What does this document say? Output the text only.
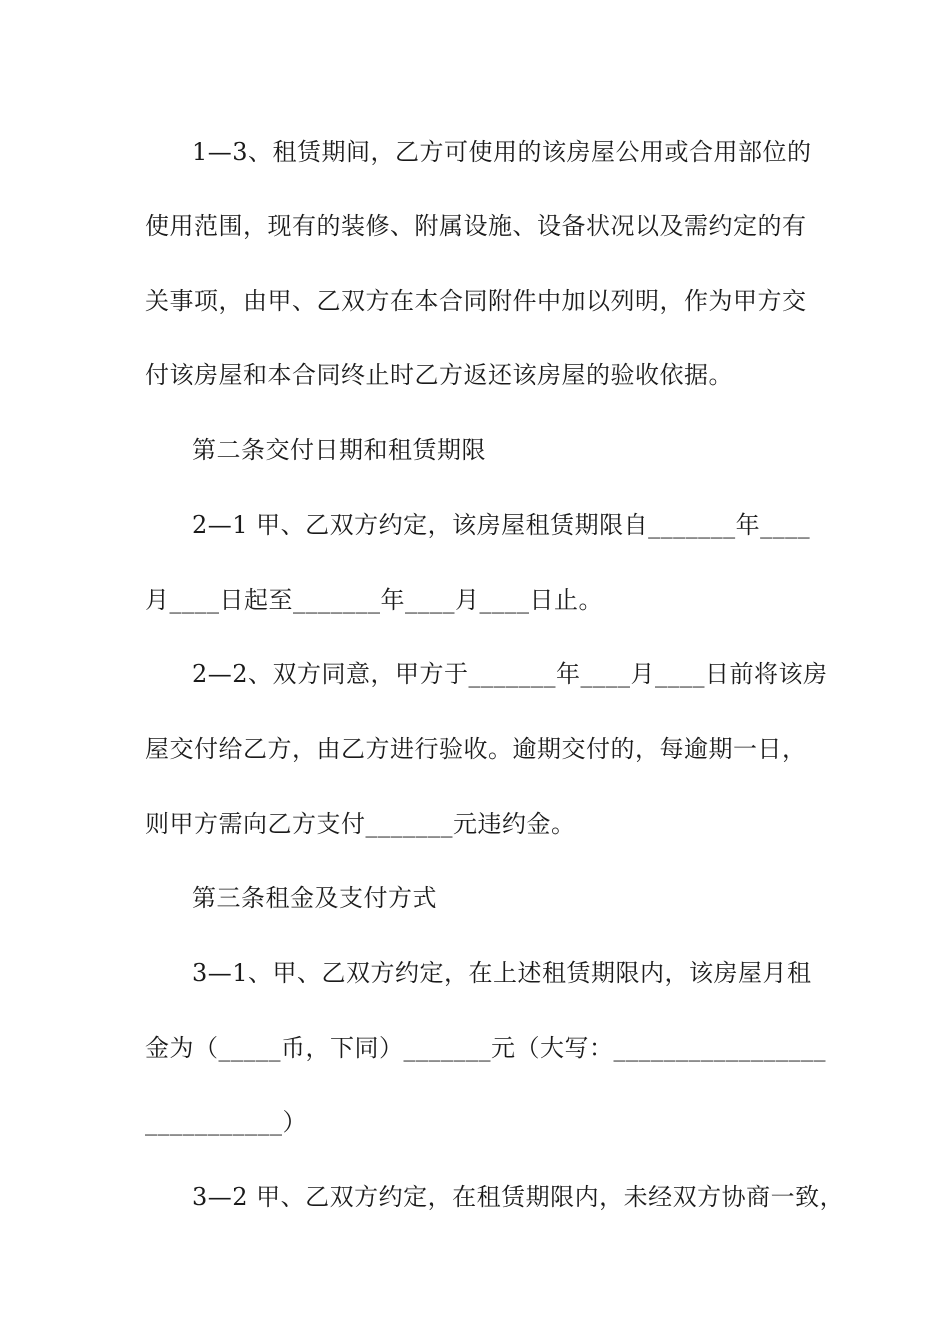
1—3、租赁期间，乙方可使用的该房屋公用或合用部位的
使用范围，现有的装修、附属设施、设备状况以及需约定的有
关事项，由甲、乙双方在本合同附件中加以列明，作为甲方交
付该房屋和本合同终止时乙方返还该房屋的验收依据。
第二条交付日期和租赁期限
2—1 甲、乙双方约定，该房屋租赁期限自_______年____
月____日起至_______年____月____日止。
2—2、双方同意，甲方于_______年____月____日前将该房
屋交付给乙方，由乙方进行验收。逾期交付的，每逾期一日，
则甲方需向乙方支付_______元违约金。
第三条租金及支付方式
3—1、甲、乙双方约定，在上述租赁期限内，该房屋月租
金为（_____币，下同）_______元（大写：_________________
___________）
3—2 甲、乙双方约定，在租赁期限内，未经双方协商一致，
